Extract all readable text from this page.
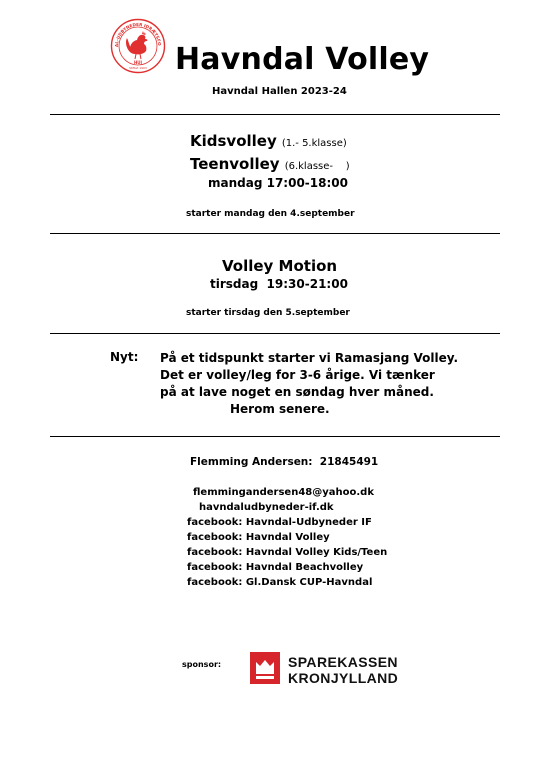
AL-UDBYNEDER IDRÆTSFO
HUI
Stiftet 1903 Havndal Volley
Havndal Hallen 2023-24
Kidsvolley (1.- 5.klasse)
Teenvolley (6.klasse-    )
mandag 17:00-18:00
starter mandag den 4.september
Volley Motion
tirsdag  19:30-21:00
starter tirsdag den 5.september
Nyt: På et tidspunkt starter vi Ramasjang Volley.
Det er volley/leg for 3-6 årige. Vi tænker
på at lave noget en søndag hver måned.
Herom senere.
Flemming Andersen:  21845491
flemmingandersen48@yahoo.dk
havndaludbyneder-if.dk
facebook: Havndal-Udbyneder IF
facebook: Havndal Volley
facebook: Havndal Volley Kids/Teen
facebook: Havndal Beachvolley
facebook: Gl.Dansk CUP-Havndal
sponsor:	SPAREKASSEN
KRONJYLLAND
